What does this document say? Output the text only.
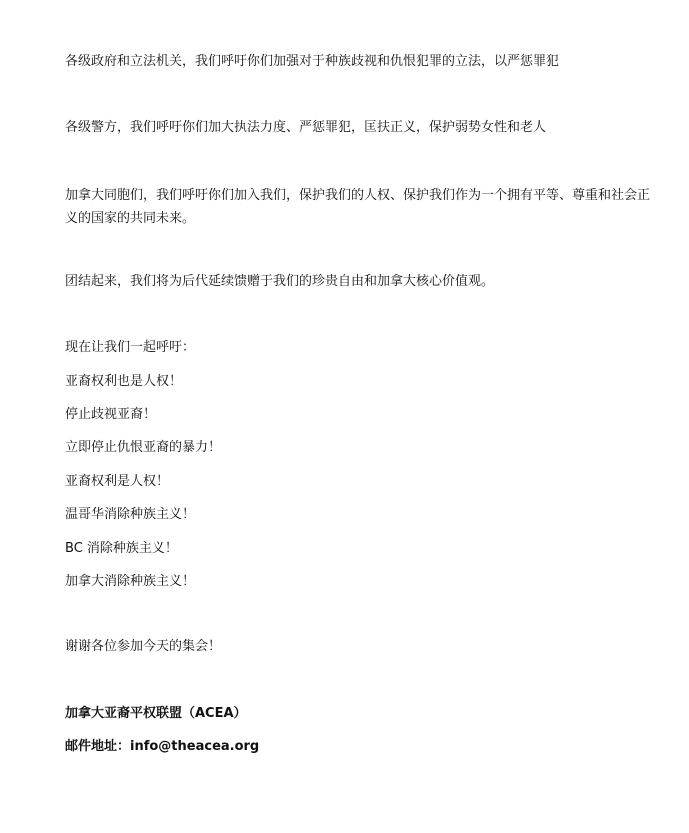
各级政府和立法机关，我们呼吁你们加强对于种族歧视和仇恨犯罪的立法，以严惩罪犯
各级警方，我们呼吁你们加大执法力度、严惩罪犯，匡扶正义，保护弱势女性和老人
加拿大同胞们，我们呼吁你们加入我们，保护我们的人权、保护我们作为一个拥有平等、尊重和社会正义的国家的共同未来。
团结起来，我们将为后代延续馈赠于我们的珍贵自由和加拿大核心价值观。
现在让我们一起呼吁：
亚裔权利也是人权！
停止歧视亚裔！
立即停止仇恨亚裔的暴力！
亚裔权利是人权！
温哥华消除种族主义！
BC 消除种族主义！
加拿大消除种族主义！
谢谢各位参加今天的集会！
加拿大亚裔平权联盟（ACEA）
邮件地址：info@theacea.org
